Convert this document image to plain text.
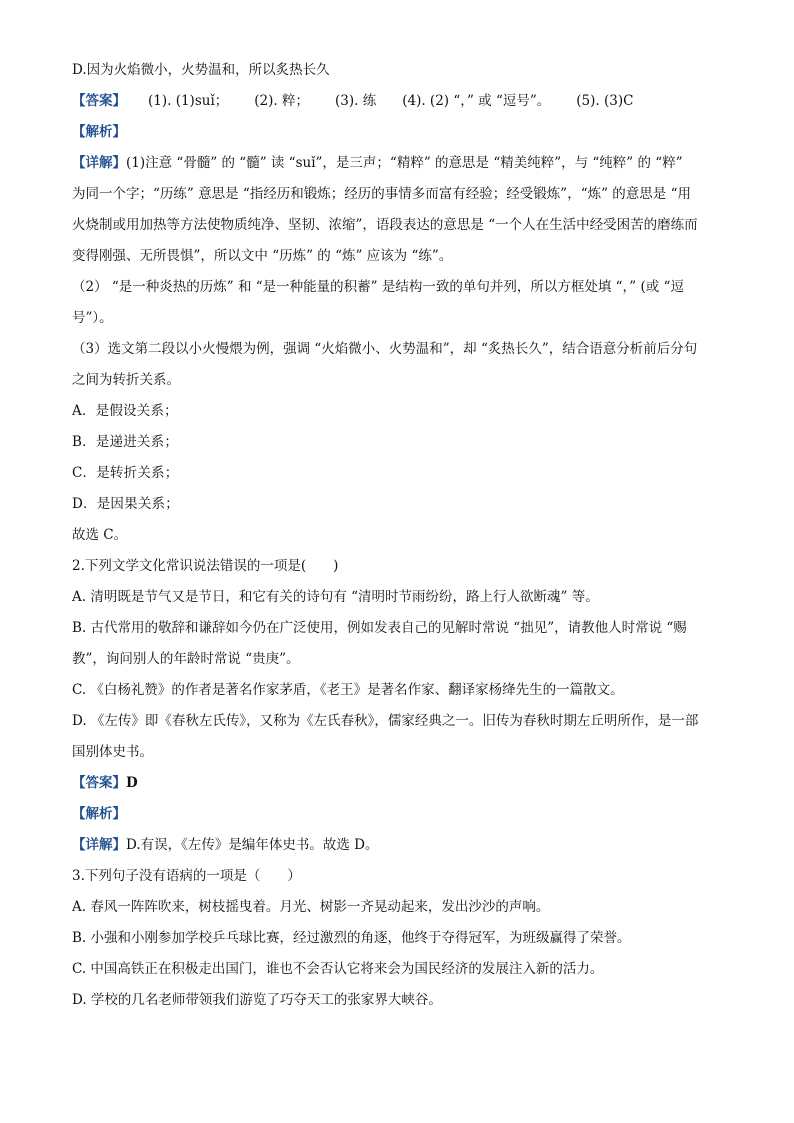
D.因为火焰微小，火势温和，所以炙热长久
【答案】 (1). (1)suǐ； (2). 粹； (3). 练 (4). (2) “，” 或 “逗号”。 (5). (3)C
【解析】
【详解】(1)注意 “骨髓” 的 “髓” 读 “suǐ”，是三声；“精粹” 的意思是 “精美纯粹”，与 “纯粹” 的 “粹”
为同一个字；“历练” 意思是 “指经历和锻炼；经历的事情多而富有经验；经受锻炼”，“炼” 的意思是 “用
火烧制或用加热等方法使物质纯净、坚韧、浓缩”，语段表达的意思是 “一个人在生活中经受困苦的磨练而
变得刚强、无所畏惧”，所以文中 “历炼” 的 “炼” 应该为 “练”。
（2） “是一种炎热的历炼” 和 “是一种能量的积蓄” 是结构一致的单句并列，所以方框处填 “，” (或 “逗
号”）。
（3）选文第二段以小火慢煨为例，强调 “火焰微小、火势温和”，却 “炙热长久”，结合语意分析前后分句
之间为转折关系。
A．是假设关系；
B．是递进关系；
C．是转折关系；
D．是因果关系；
故选 C。
2.下列文学文化常识说法错误的一项是(　　)
A. 清明既是节气又是节日，和它有关的诗句有 “清明时节雨纷纷，路上行人欲断魂” 等。
B. 古代常用的敬辞和谦辞如今仍在广泛使用，例如发表自己的见解时常说 “拙见”，请教他人时常说 “赐
教”，询问别人的年龄时常说 “贵庚”。
C. 《白杨礼赞》的作者是著名作家茅盾，《老王》是著名作家、翻译家杨绛先生的一篇散文。
D. 《左传》即《春秋左氏传》，又称为《左氏春秋》，儒家经典之一。旧传为春秋时期左丘明所作，是一部
国别体史书。
【答案】D
【解析】
【详解】D.有误，《左传》是编年体史书。故选 D。
3.下列句子没有语病的一项是（　　）
A. 春风一阵阵吹来，树枝摇曳着。月光、树影一齐晃动起来，发出沙沙的声响。
B. 小强和小刚参加学校乒乓球比赛，经过激烈的角逐，他终于夺得冠军，为班级赢得了荣誉。
C. 中国高铁正在积极走出国门，谁也不会否认它将来会为国民经济的发展注入新的活力。
D. 学校的几名老师带领我们游览了巧夺天工的张家界大峡谷。
